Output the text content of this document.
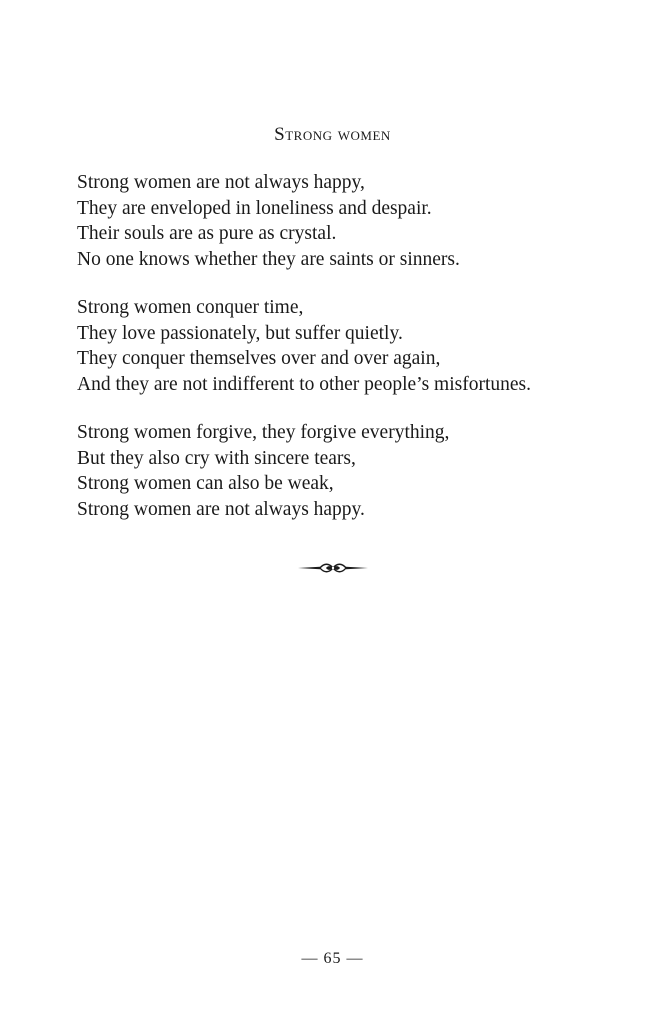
Strong women
Strong women are not always happy,
They are enveloped in loneliness and despair.
Their souls are as pure as crystal.
No one knows whether they are saints or sinners.
Strong women conquer time,
They love passionately, but suffer quietly.
They conquer themselves over and over again,
And they are not indifferent to other people’s misfortunes.
Strong women forgive, they forgive everything,
But they also cry with sincere tears,
Strong women can also be weak,
Strong women are not always happy.
— 65 —
